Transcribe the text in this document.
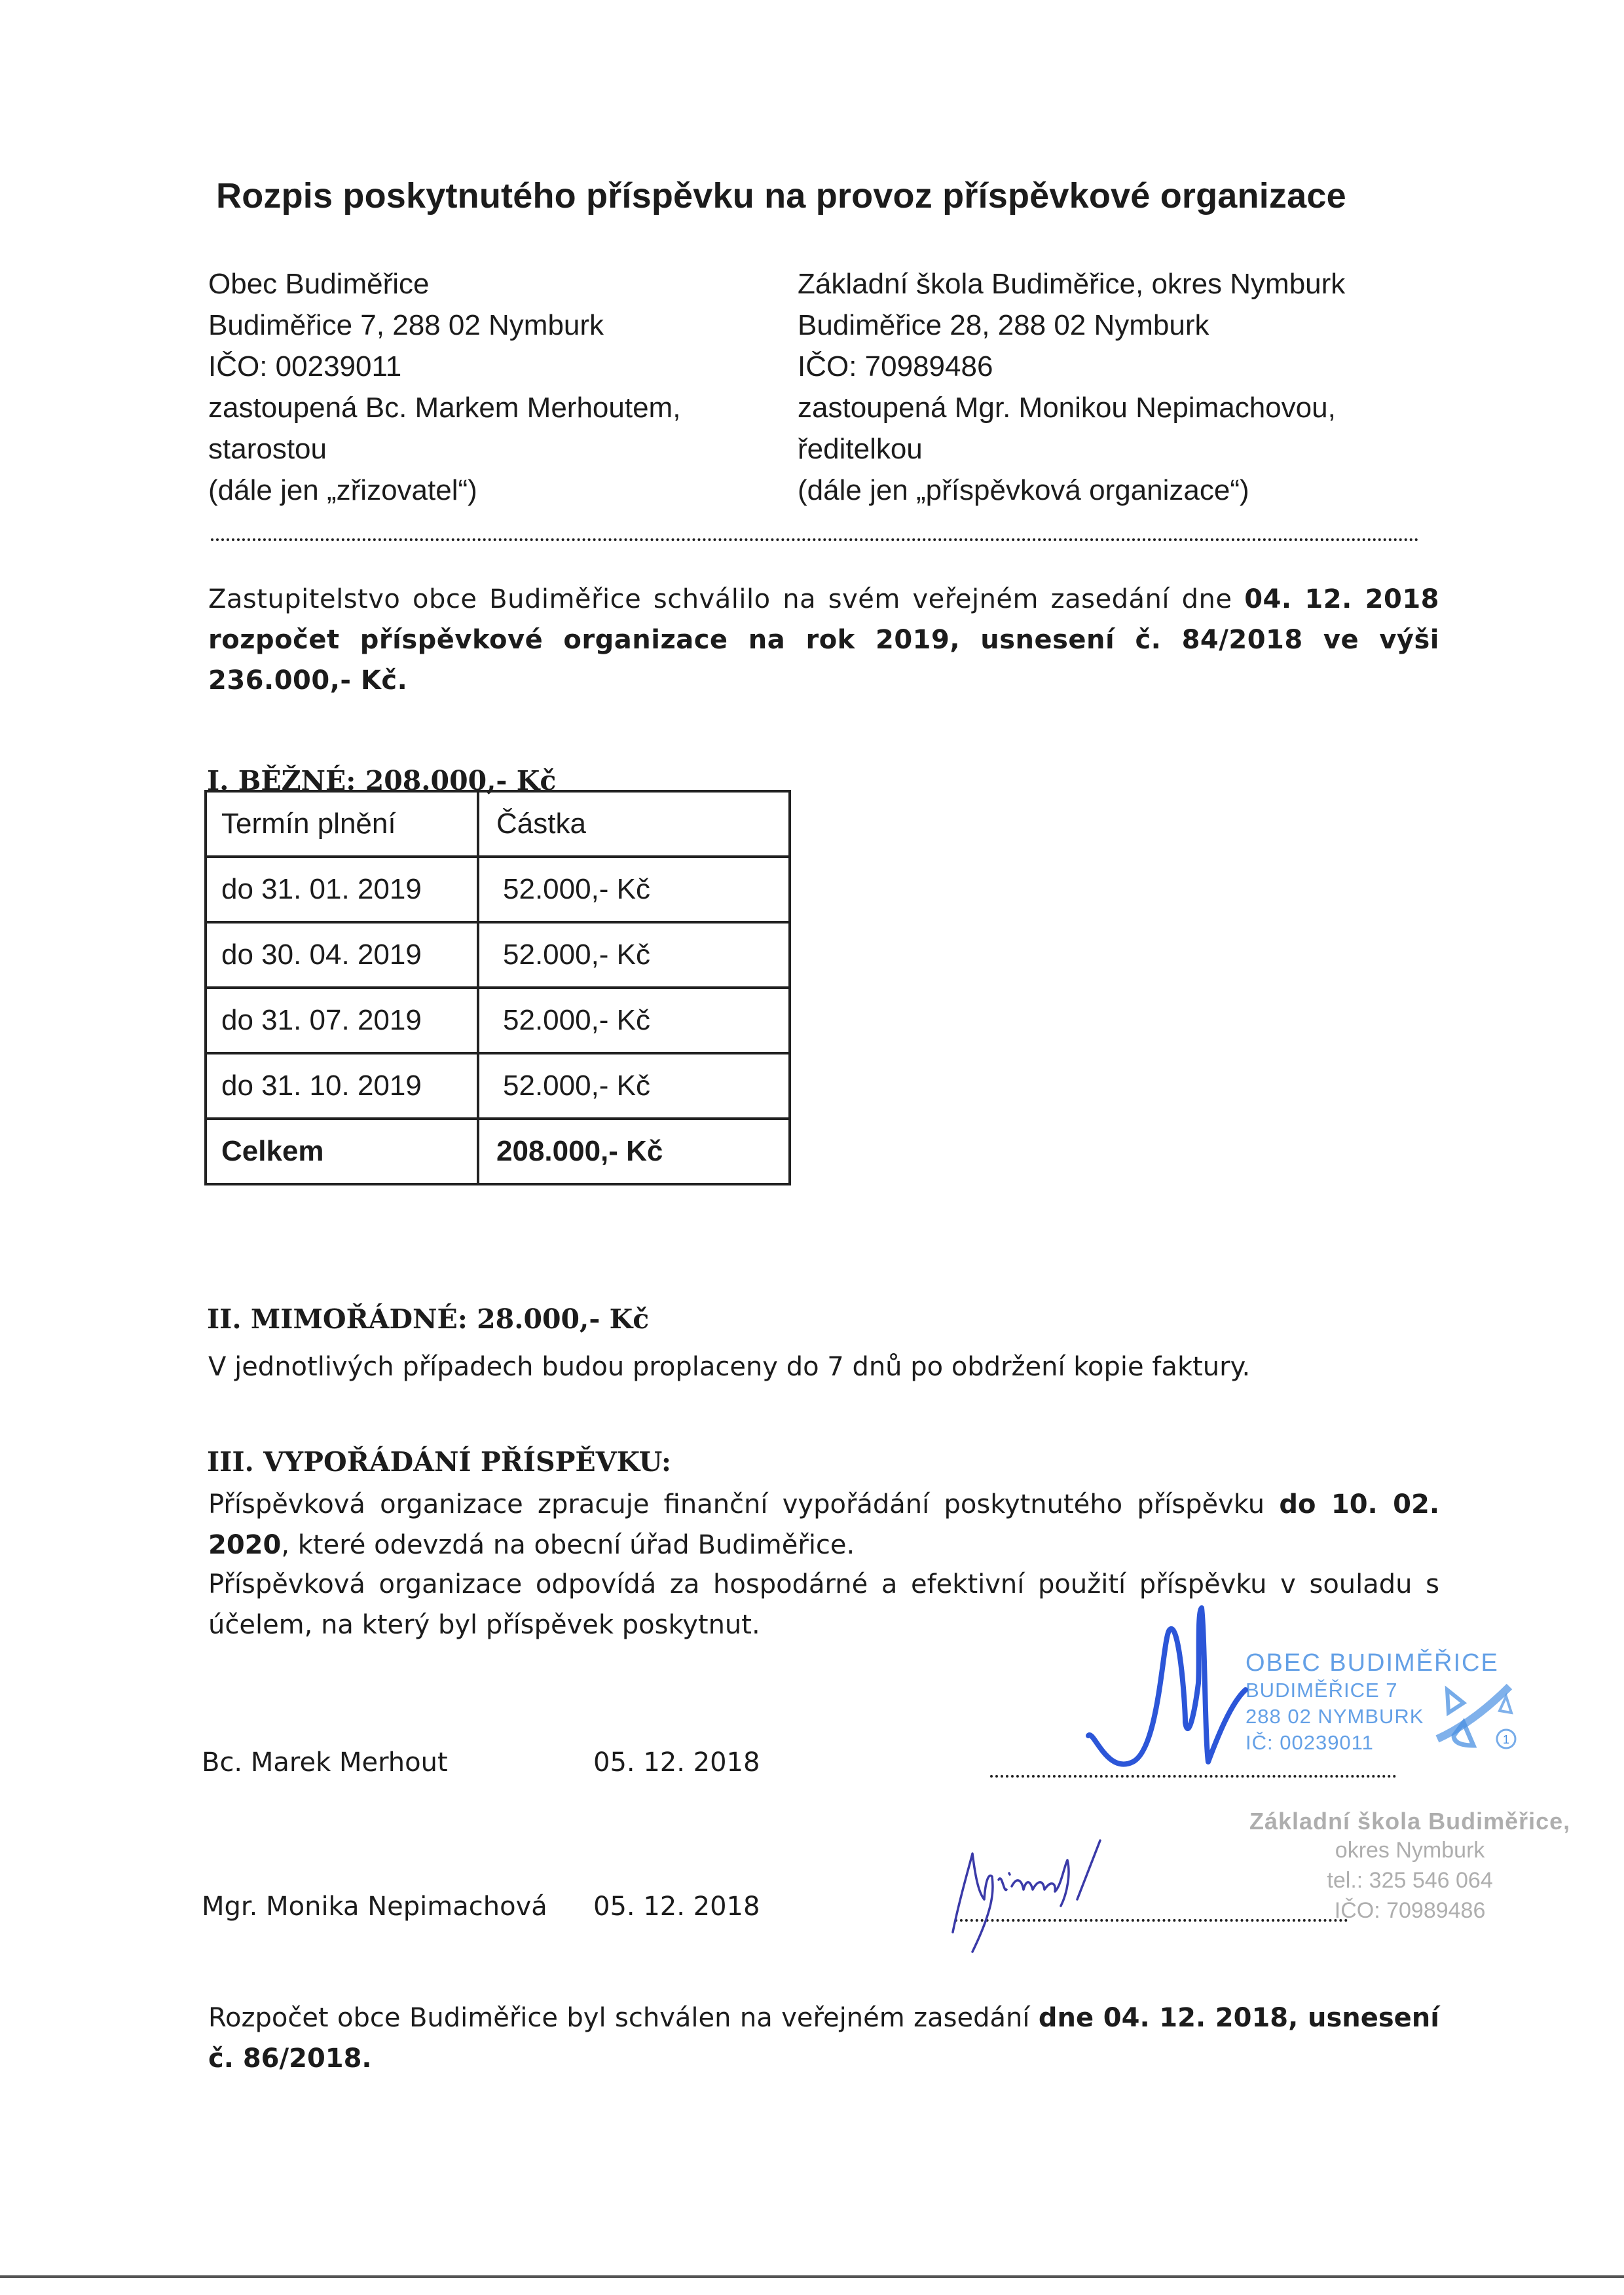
Rozpis poskytnutého příspěvku na provoz příspěvkové organizace
Obec Budiměřice
Budiměřice 7, 288 02 Nymburk
IČO: 00239011
zastoupená Bc. Markem Merhoutem,
starostou
(dále jen „zřizovatel“)
Základní škola Budiměřice, okres Nymburk
Budiměřice 28, 288 02 Nymburk
IČO: 70989486
zastoupená Mgr. Monikou Nepimachovou,
ředitelkou
(dále jen „příspěvková organizace“)
Zastupitelstvo obce Budiměřice schválilo na svém veřejném zasedání dne 04. 12. 2018 rozpočet příspěvkové organizace na rok 2019, usnesení č. 84/2018 ve výši 236.000,- Kč.
I. BĚŽNÉ: 208.000,- Kč
Termín plnění	Částka
do 31. 01. 2019	52.000,- Kč
do 30. 04. 2019	52.000,- Kč
do 31. 07. 2019	52.000,- Kč
do 31. 10. 2019	52.000,- Kč
Celkem	208.000,- Kč
II. MIMOŘÁDNÉ: 28.000,- Kč
V jednotlivých případech budou proplaceny do 7 dnů po obdržení kopie faktury.
III. VYPOŘÁDÁNÍ PŘÍSPĚVKU:
Příspěvková organizace zpracuje finanční vypořádání poskytnutého příspěvku do 10. 02. 2020, které odevzdá na obecní úřad Budiměřice.
Příspěvková organizace odpovídá za hospodárné a efektivní použití příspěvku v souladu s účelem, na který byl příspěvek poskytnut.
Bc. Marek Merhout	05. 12. 2018
OBEC BUDIMĚŘICE
BUDIMĚŘICE 7
288 02 NYMBURK
IČ: 00239011	1
Mgr. Monika Nepimachová 05. 12. 2018
Základní škola Budiměřice,
okres Nymburk
tel.: 325 546 064
IČO: 70989486
Rozpočet obce Budiměřice byl schválen na veřejném zasedání dne 04. 12. 2018, usnesení č. 86/2018.
